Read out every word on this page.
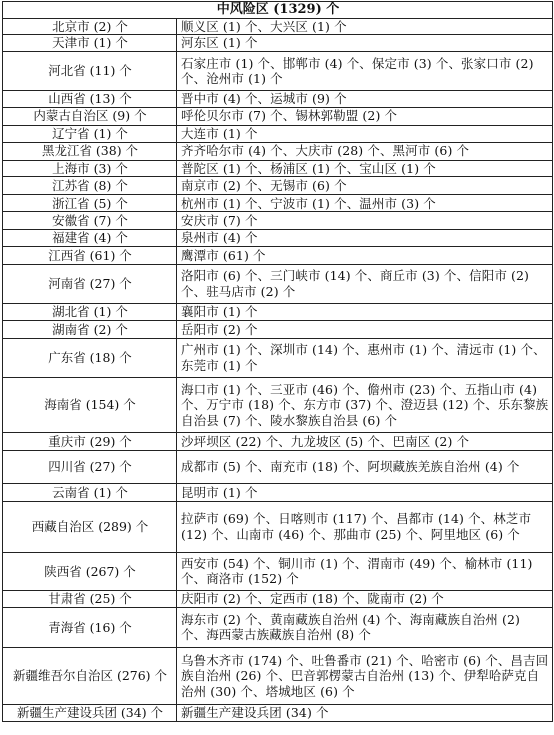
中风险区 (1329) 个	
北京市 (2) 个	顺义区 (1) 个、大兴区 (1) 个
天津市 (1) 个	河东区 (1) 个
河北省 (11) 个	石家庄市 (1) 个、邯郸市 (4) 个、保定市 (3) 个、张家口市 (2) 个、沧州市 (1) 个
山西省 (13) 个	晋中市 (4) 个、运城市 (9) 个
内蒙古自治区 (9) 个	呼伦贝尔市 (7) 个、锡林郭勒盟 (2) 个
辽宁省 (1) 个	大连市 (1) 个
黑龙江省 (38) 个	齐齐哈尔市 (4) 个、大庆市 (28) 个、黑河市 (6) 个
上海市 (3) 个	普陀区 (1) 个、杨浦区 (1) 个、宝山区 (1) 个
江苏省 (8) 个	南京市 (2) 个、无锡市 (6) 个
浙江省 (5) 个	杭州市 (1) 个、宁波市 (1) 个、温州市 (3) 个
安徽省 (7) 个	安庆市 (7) 个
福建省 (4) 个	泉州市 (4) 个
江西省 (61) 个	鹰潭市 (61) 个
河南省 (27) 个	洛阳市 (6) 个、三门峡市 (14) 个、商丘市 (3) 个、信阳市 (2) 个、驻马店市 (2) 个
湖北省 (1) 个	襄阳市 (1) 个
湖南省 (2) 个	岳阳市 (2) 个
广东省 (18) 个	广州市 (1) 个、深圳市 (14) 个、惠州市 (1) 个、清远市 (1) 个、东莞市 (1) 个
海南省 (154) 个	海口市 (1) 个、三亚市 (46) 个、儋州市 (23) 个、五指山市 (4) 个、万宁市 (18) 个、东方市 (37) 个、澄迈县 (12) 个、乐东黎族自治县 (7) 个、陵水黎族自治县 (6) 个
重庆市 (29) 个	沙坪坝区 (22) 个、九龙坡区 (5) 个、巴南区 (2) 个
四川省 (27) 个	成都市 (5) 个、南充市 (18) 个、阿坝藏族羌族自治州 (4) 个
云南省 (1) 个	昆明市 (1) 个
西藏自治区 (289) 个	拉萨市 (69) 个、日喀则市 (117) 个、昌都市 (14) 个、林芝市 (12) 个、山南市 (46) 个、那曲市 (25) 个、阿里地区 (6) 个
陕西省 (267) 个	西安市 (54) 个、铜川市 (1) 个、渭南市 (49) 个、榆林市 (11) 个、商洛市 (152) 个
甘肃省 (25) 个	庆阳市 (2) 个、定西市 (18) 个、陇南市 (2) 个
青海省 (16) 个	海东市 (2) 个、黄南藏族自治州 (4) 个、海南藏族自治州 (2) 个、海西蒙古族藏族自治州 (8) 个
新疆维吾尔自治区 (276) 个	乌鲁木齐市 (174) 个、吐鲁番市 (21) 个、哈密市 (6) 个、昌吉回族自治州 (26) 个、巴音郭楞蒙古自治州 (13) 个、伊犁哈萨克自治州 (30) 个、塔城地区 (6) 个
新疆生产建设兵团 (34) 个	新疆生产建设兵团 (34) 个
